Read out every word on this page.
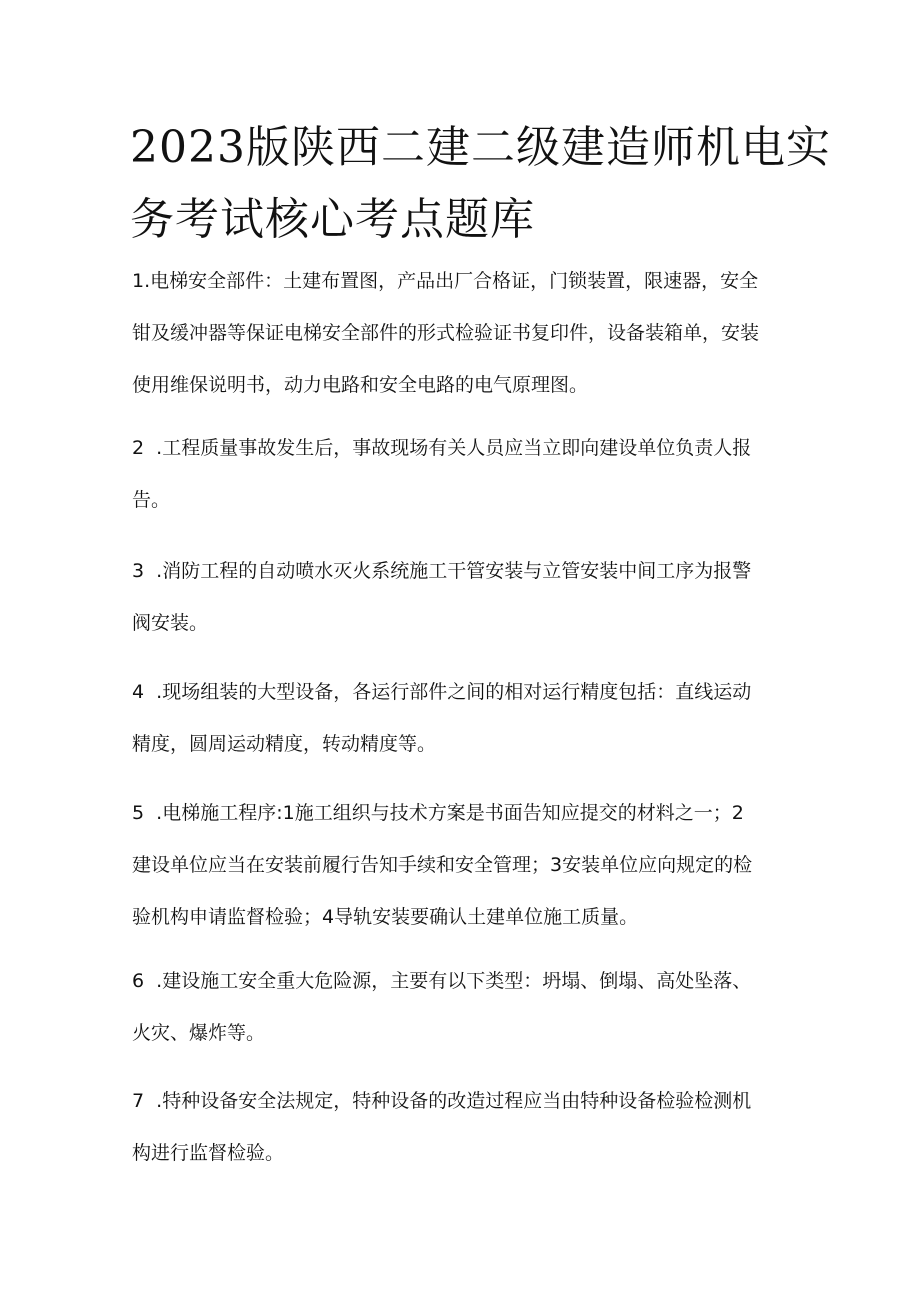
2023版陕西二建二级建造师机电实
务考试核心考点题库

1.电梯安全部件：土建布置图，产品出厂合格证，门锁装置，限速器，安全
钳及缓冲器等保证电梯安全部件的形式检验证书复印件，设备装箱单，安装
使用维保说明书，动力电路和安全电路的电气原理图。

2  .工程质量事故发生后，事故现场有关人员应当立即向建设单位负责人报
告。

3  .消防工程的自动喷水灭火系统施工干管安装与立管安装中间工序为报警
阀安装。

4  .现场组装的大型设备，各运行部件之间的相对运行精度包括：直线运动
精度，圆周运动精度，转动精度等。

5  .电梯施工程序:1施工组织与技术方案是书面告知应提交的材料之一；2
建设单位应当在安装前履行告知手续和安全管理；3安装单位应向规定的检
验机构申请监督检验；4导轨安装要确认土建单位施工质量。

6  .建设施工安全重大危险源，主要有以下类型：坍塌、倒塌、高处坠落、
火灾、爆炸等。

7  .特种设备安全法规定，特种设备的改造过程应当由特种设备检验检测机
构进行监督检验。
